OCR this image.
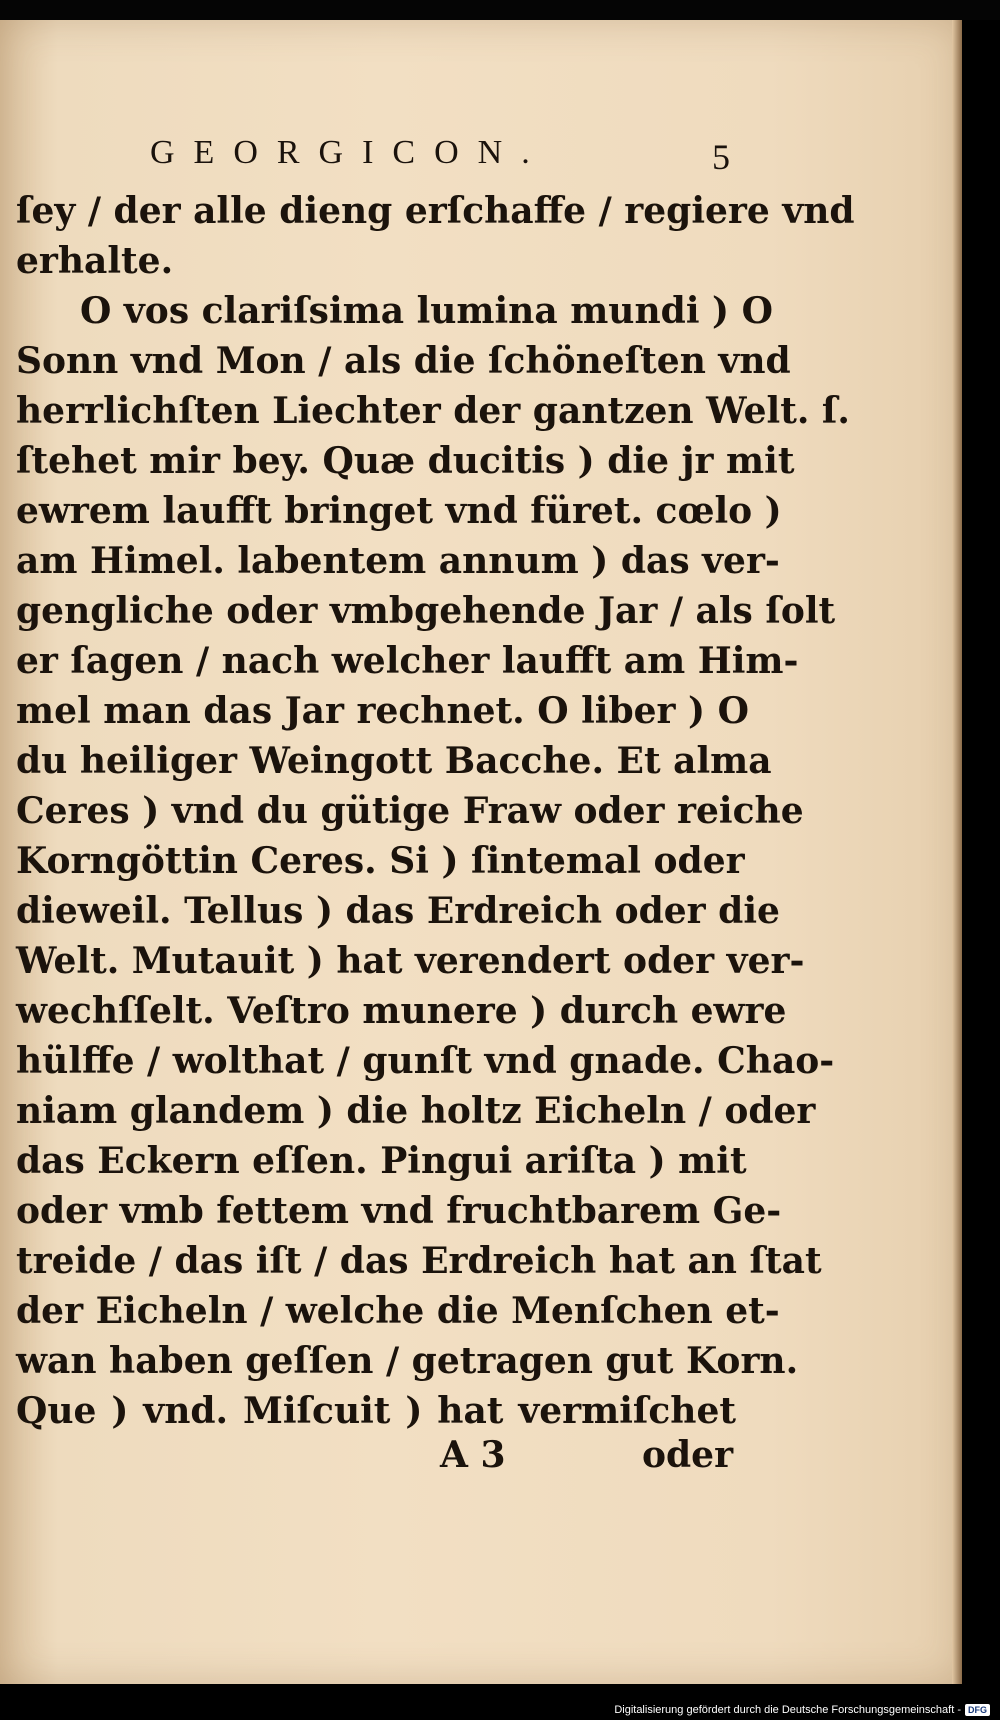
GEORGICON.	5
ſey / der alle dieng erſchaffe / regiere vnd
erhalte.
O vos clariſsima lumina mundi ) O
Sonn vnd Mon / als die ſchöneſten vnd
herrlichſten Liechter der gantzen Welt. ſ.
ſtehet mir bey. Quæ ducitis ) die jr mit
ewrem laufft bringet vnd füret. cœlo )
am Himel. labentem annum ) das ver-
gengliche oder vmbgehende Jar / als ſolt
er ſagen / nach welcher laufft am Him-
mel man das Jar rechnet. O liber ) O
du heiliger Weingott Bacche. Et alma
Ceres ) vnd du gütige Fraw oder reiche
Korngöttin Ceres. Si ) ſintemal oder
dieweil. Tellus ) das Erdreich oder die
Welt. Mutauit ) hat verendert oder ver-
wechſſelt. Veſtro munere ) durch ewre
hülffe / wolthat / gunſt vnd gnade. Chao-
niam glandem ) die holtz Eicheln / oder
das Eckern eſſen. Pingui ariſta ) mit
oder vmb fettem vnd fruchtbarem Ge-
treide / das iſt / das Erdreich hat an ſtat
der Eicheln / welche die Menſchen et-
wan haben geſſen / getragen gut Korn.
Que ) vnd. Miſcuit ) hat vermiſchet
A 3	oder
Digitalisierung gefördert durch die Deutsche Forschungsgemeinschaft - DFG
